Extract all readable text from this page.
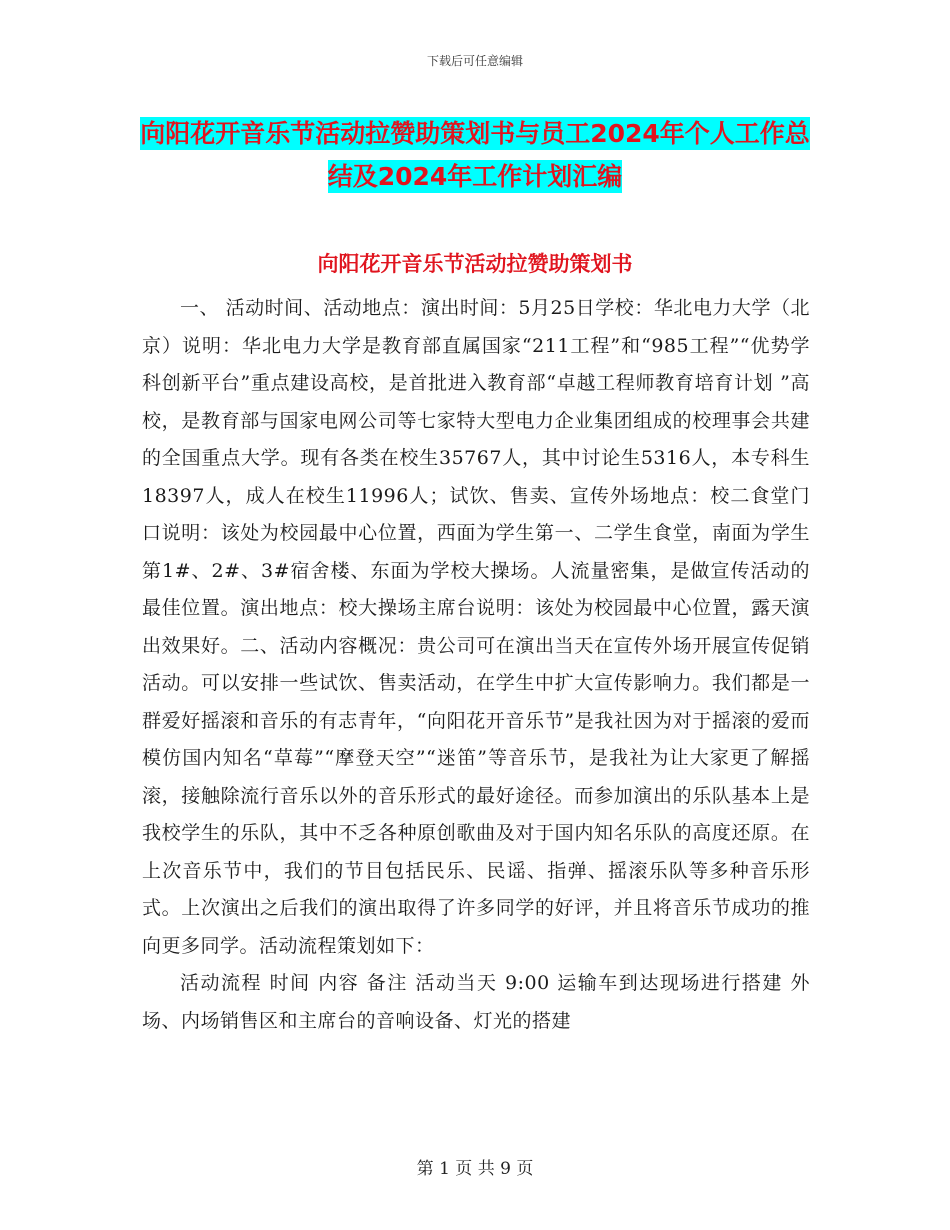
下载后可任意编辑
向阳花开音乐节活动拉赞助策划书与员工2024年个人工作总结及2024年工作计划汇编
向阳花开音乐节活动拉赞助策划书

一、 活动时间、活动地点：演出时间：5月25日学校：华北电力大学（北京）说明：华北电力大学是教育部直属国家“211工程”和“985工程”“优势学科创新平台”重点建设高校，是首批进入教育部“卓越工程师教育培育计划 ”高校，是教育部与国家电网公司等七家特大型电力企业集团组成的校理事会共建的全国重点大学。现有各类在校生35767人，其中讨论生5316人，本专科生18397人，成人在校生11996人；试饮、售卖、宣传外场地点：校二食堂门口说明：该处为校园最中心位置，西面为学生第一、二学生食堂，南面为学生第1#、2#、3#宿舍楼、东面为学校大操场。人流量密集，是做宣传活动的最佳位置。演出地点：校大操场主席台说明：该处为校园最中心位置，露天演出效果好。二、活动内容概况：贵公司可在演出当天在宣传外场开展宣传促销活动。可以安排一些试饮、售卖活动，在学生中扩大宣传影响力。我们都是一群爱好摇滚和音乐的有志青年，“向阳花开音乐节”是我社因为对于摇滚的爱而模仿国内知名“草莓”“摩登天空”“迷笛”等音乐节，是我社为让大家更了解摇滚，接触除流行音乐以外的音乐形式的最好途径。而参加演出的乐队基本上是我校学生的乐队，其中不乏各种原创歌曲及对于国内知名乐队的高度还原。在上次音乐节中，我们的节目包括民乐、民谣、指弹、摇滚乐队等多种音乐形式。上次演出之后我们的演出取得了许多同学的好评，并且将音乐节成功的推向更多同学。活动流程策划如下：

活动流程 时间 内容 备注 活动当天 9:00 运输车到达现场进行搭建 外场、内场销售区和主席台的音响设备、灯光的搭建

第 1 页 共 9 页
